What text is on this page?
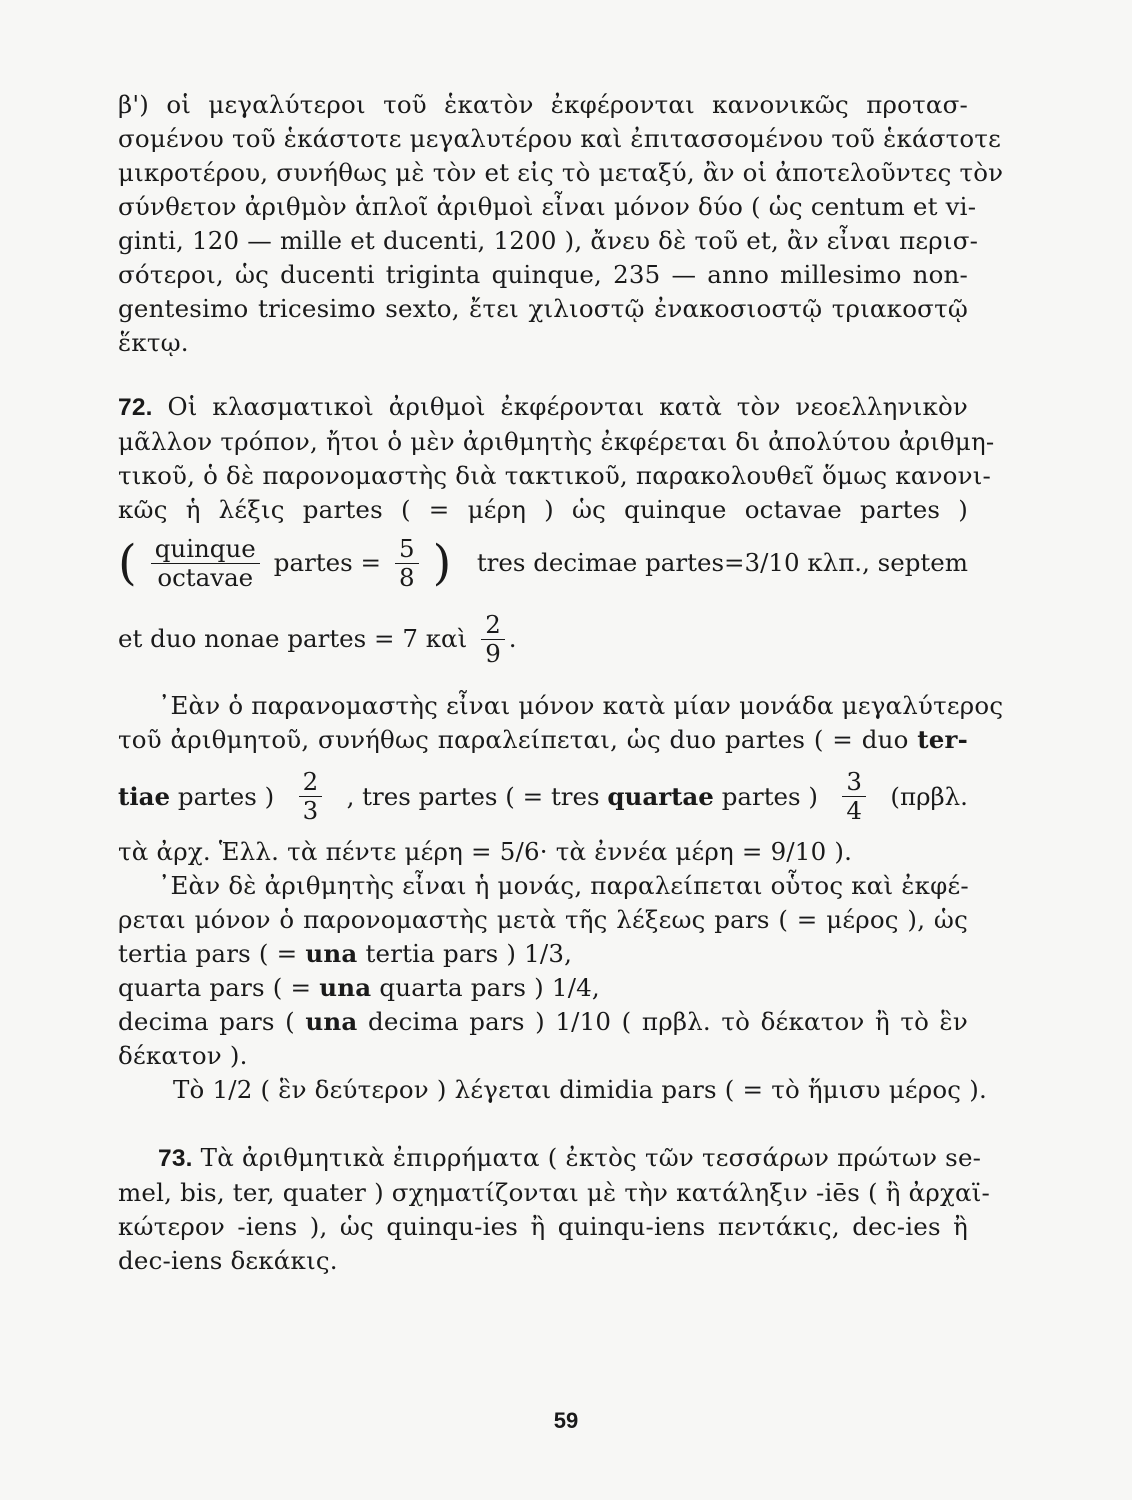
β') οἱ μεγαλύτεροι τοῦ ἑκατὸν ἐκφέρονται κανονικῶς προτασ-
σομένου τοῦ ἑκάστοτε μεγαλυτέρου καὶ ἐπιτασσομένου τοῦ ἑκάστοτε
μικροτέρου, συνήθως μὲ τὸν et εἰς τὸ μεταξύ, ἂν οἱ ἀποτελοῦντες τὸν
σύνθετον ἀριθμὸν ἁπλοῖ ἀριθμοὶ εἶναι μόνον δύο ( ὡς centum et vi-
ginti, 120 — mille et ducenti, 1200 ), ἄνευ δὲ τοῦ et, ἂν εἶναι περισ-
σότεροι, ὡς ducenti triginta quinque, 235 — anno millesimo non-
gentesimo tricesimo sexto, ἔτει χιλιοστῷ ἐνακοσιοστῷ τριακοστῷ
ἕκτῳ.
72. Οἱ κλασματικοὶ ἀριθμοὶ ἐκφέρονται κατὰ τὸν νεοελληνικὸν
μᾶλλον τρόπον, ἤτοι ὁ μὲν ἀριθμητὴς ἐκφέρεται δι ἀπολύτου ἀριθμη-
τικοῦ, ὁ δὲ παρονομαστὴς διὰ τακτικοῦ, παρακολουθεῖ ὅμως κανονι-
κῶς ἡ λέξις partes ( = μέρη ) ὡς quinque octavae partes )
( $\frac{\text{quinque}}{\text{octavae}}$ partes = $\frac{5}{8}$ )	tres decimae partes=3/10 κλπ., septem
et duo nonae partes = 7 καὶ $\frac{2}{9}$ .
᾿Εὰν ὁ παρανομαστὴς εἶναι μόνον κατὰ μίαν μονάδα μεγαλύτερος
τοῦ ἀριθμητοῦ, συνήθως παραλείπεται, ὡς duo partes ( = duo ter-
tiae partes ) $\frac{2}{3}$ , tres partes ( = tres quartae partes ) $\frac{3}{4} (\pi\rho\beta\lambda$.
τὰ ἀρχ. Ἑλλ. τὰ πέντε μέρη = 5/6· τὰ ἐννέα μέρη = 9/10 ).
᾿Εὰν δὲ ἀριθμητὴς εἶναι ἡ μονάς, παραλείπεται οὗτος καὶ ἐκφέ-
ρεται μόνον ὁ παρονομαστὴς μετὰ τῆς λέξεως pars ( = μέρος ), ὡς
tertia pars ( = una tertia pars ) 1/3,
quarta pars ( = una quarta pars ) 1/4,
decima pars ( una decima pars ) 1/10 ( πρβλ. τὸ δέκατον ἢ τὸ ἓν
δέκατον ).
Τὸ 1/2 ( ἓν δεύτερον ) λέγεται dimidia pars ( = τὸ ἥμισυ μέρος ).
73. Τὰ ἀριθμητικὰ ἐπιρρήματα ( ἐκτὸς τῶν τεσσάρων πρώτων se-
mel, bis, ter, quater ) σχηματίζονται μὲ τὴν κατάληξιν -iēs ( ἢ ἀρχαϊ-
κώτερον -iens ), ὡς quinqu-ies ἢ quinqu-iens πεντάκις, dec-ies ἢ
dec-iens δεκάκις.
59
